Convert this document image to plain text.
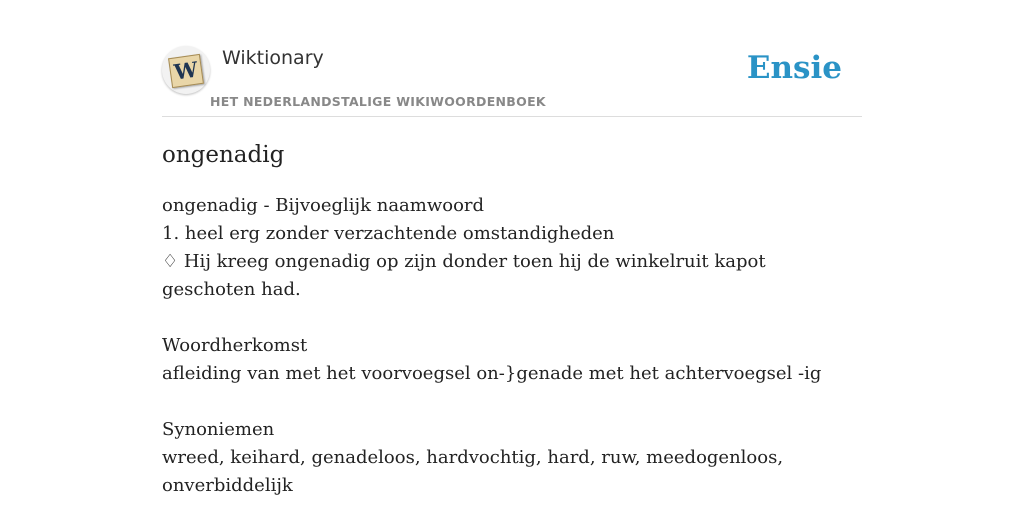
W Wiktionary
HET NEDERLANDSTALIGE WIKIWOORDENBOEK
Ensie
ongenadig
ongenadig - Bijvoeglijk naamwoord
1. heel erg zonder verzachtende omstandigheden
♢ Hij kreeg ongenadig op zijn donder toen hij de winkelruit kapot geschoten had.
Woordherkomst
afleiding van met het voorvoegsel on-}genade met het achtervoegsel -ig
Synoniemen
wreed, keihard, genadeloos, hardvochtig, hard, ruw, meedogenloos, onverbiddelijk
